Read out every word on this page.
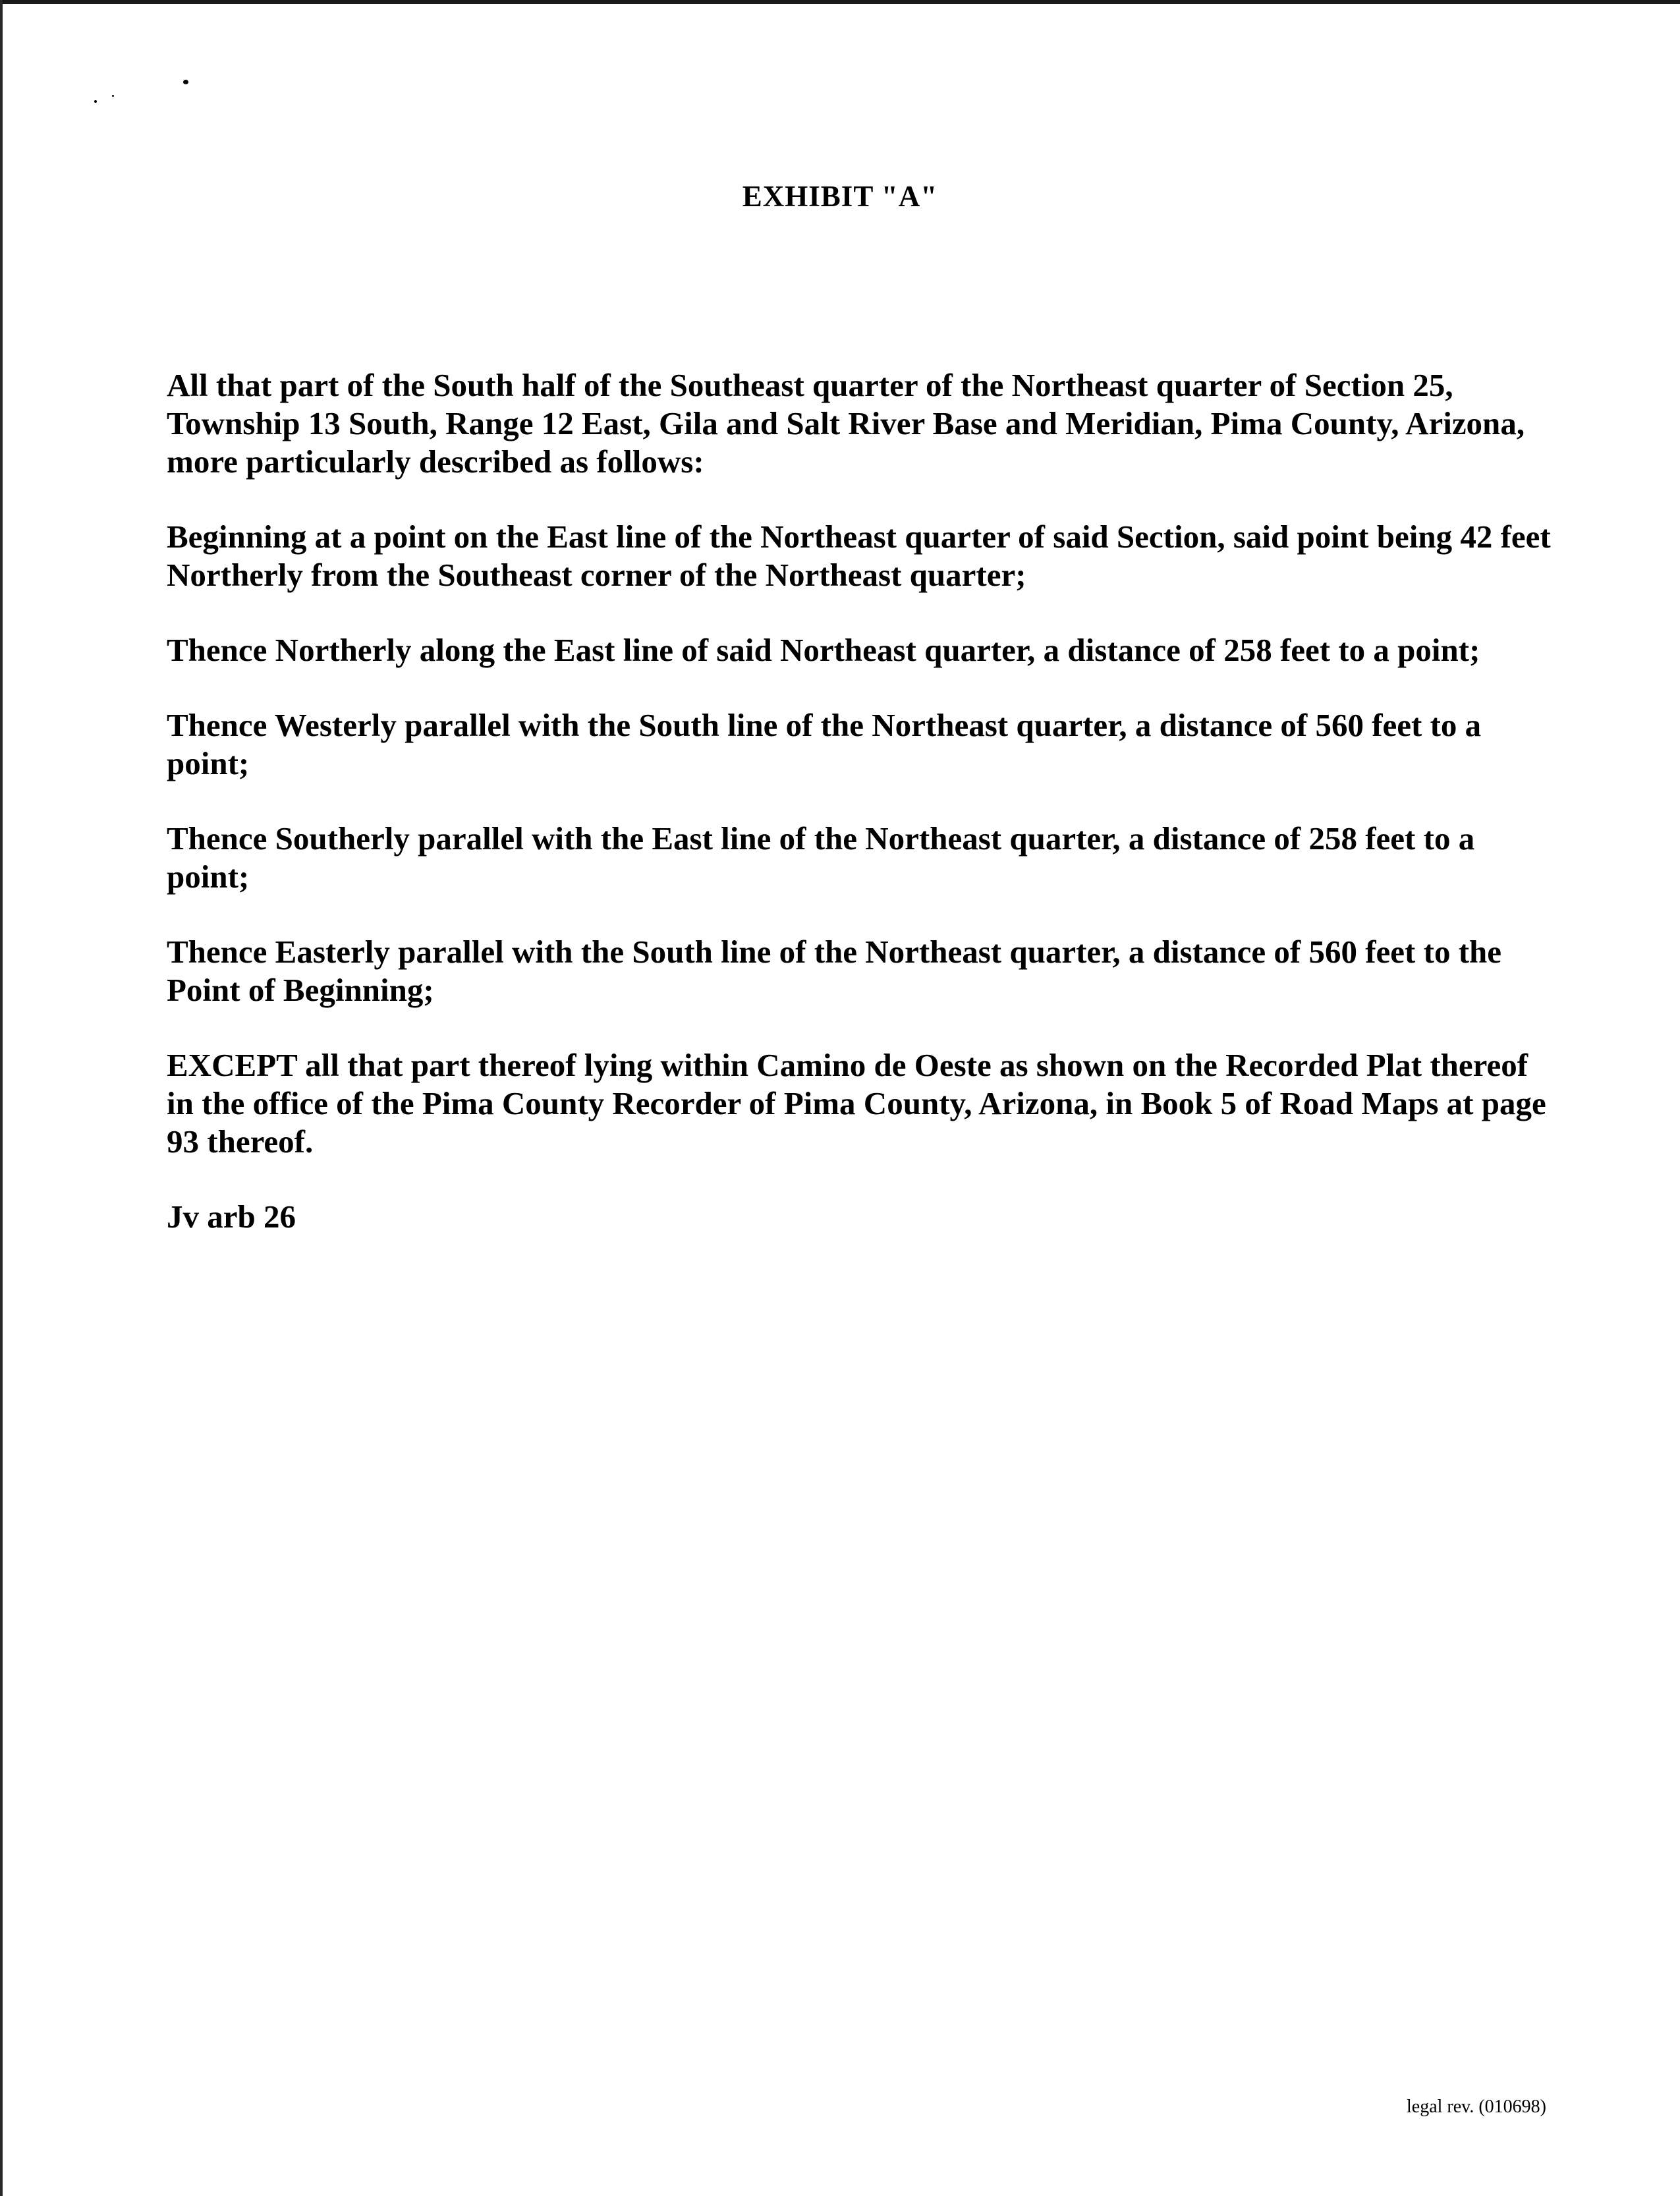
EXHIBIT "A"

All that part of the South half of the Southeast quarter of the Northeast quarter of Section 25, Township 13 South, Range 12 East, Gila and Salt River Base and Meridian, Pima County, Arizona, more particularly described as follows:

Beginning at a point on the East line of the Northeast quarter of said Section, said point being 42 feet Northerly from the Southeast corner of the Northeast quarter;

Thence Northerly along the East line of said Northeast quarter, a distance of 258 feet to a point;

Thence Westerly parallel with the South line of the Northeast quarter, a distance of 560 feet to a point;

Thence Southerly parallel with the East line of the Northeast quarter, a distance of 258 feet to a point;

Thence Easterly parallel with the South line of the Northeast quarter, a distance of 560 feet to the Point of Beginning;

EXCEPT all that part thereof lying within Camino de Oeste as shown on the Recorded Plat thereof in the office of the Pima County Recorder of Pima County, Arizona, in Book 5 of Road Maps at page 93 thereof.

Jv arb 26

legal rev. (010698)
